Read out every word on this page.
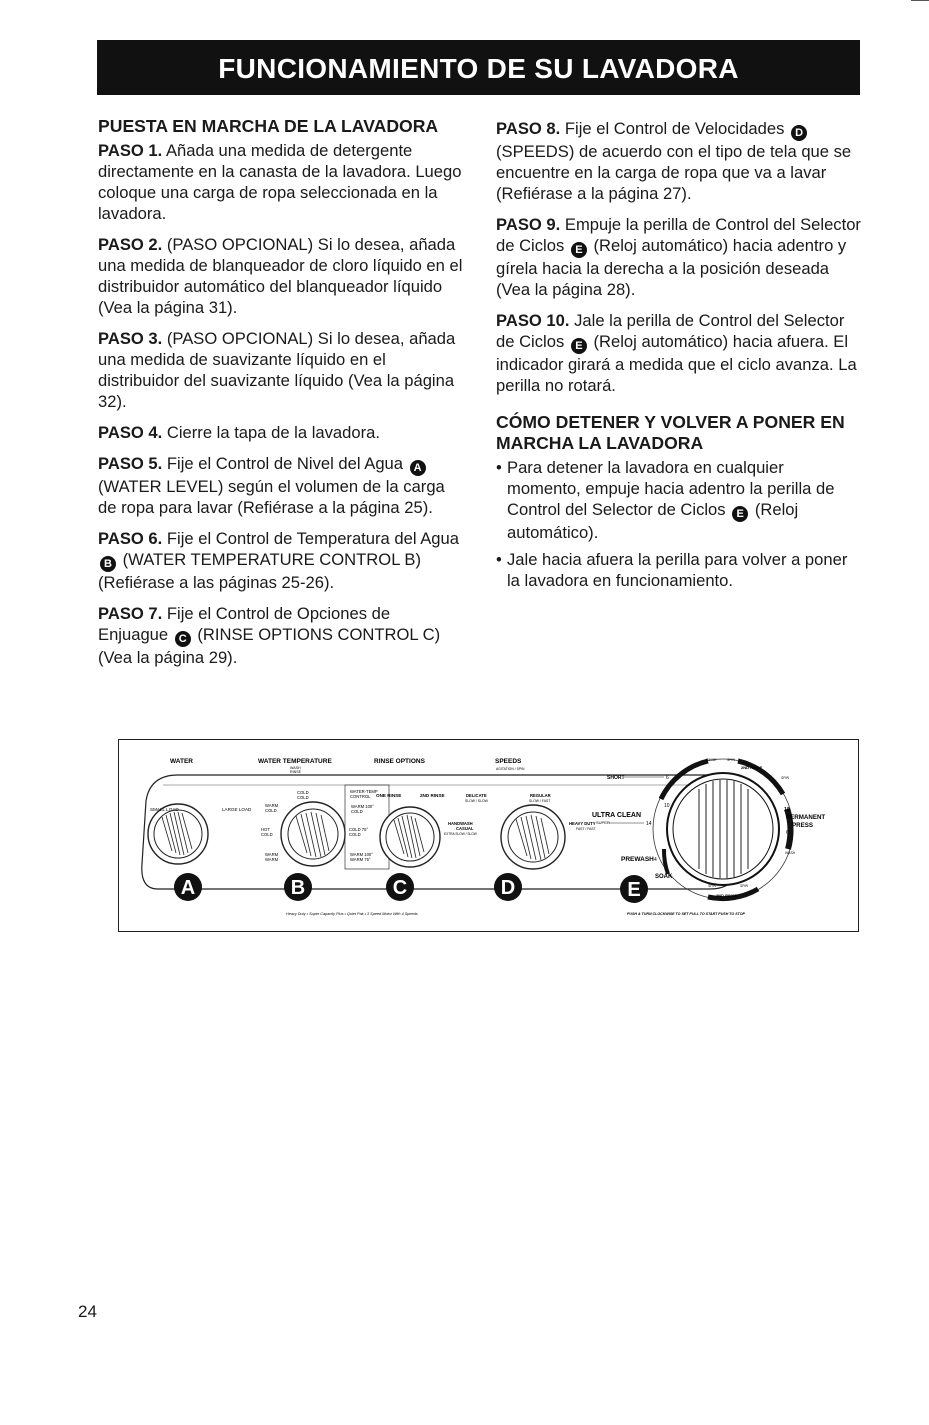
FUNCIONAMIENTO DE SU LAVADORA
PUESTA EN MARCHA DE LA LAVADORA

PASO 1. Añada una medida de detergente directamente en la canasta de la lavadora. Luego coloque una carga de ropa seleccionada en la lavadora.

PASO 2. (PASO OPCIONAL) Si lo desea, añada una medida de blanqueador de cloro líquido en el distribuidor automático del blanqueador líquido (Vea la página 31).

PASO 3. (PASO OPCIONAL) Si lo desea, añada una medida de suavizante líquido en el distribuidor del suavizante líquido (Vea la página 32).

PASO 4. Cierre la tapa de la lavadora.

PASO 5. Fije el Control de Nivel del Agua A (WATER LEVEL) según el volumen de la carga de ropa para lavar (Refiérase a la página 25).

PASO 6. Fije el Control de Temperatura del Agua B (WATER TEMPERATURE CONTROL B) (Refiérase a las páginas 25-26).

PASO 7. Fije el Control de Opciones de Enjuague C (RINSE OPTIONS CONTROL C) (Vea la página 29).

PASO 8. Fije el Control de Velocidades D (SPEEDS) de acuerdo con el tipo de tela que se encuentre en la carga de ropa que va a lavar (Refiérase a la página 27).

PASO 9. Empuje la perilla de Control del Selector de Ciclos E (Reloj automático) hacia adentro y gírela hacia la derecha a la posición deseada (Vea la página 28).

PASO 10. Jale la perilla de Control del Selector de Ciclos E (Reloj automático) hacia afuera. El indicador girará a medida que el ciclo avanza. La perilla no rotará.

CÓMO DETENER Y VOLVER A PONER EN MARCHA LA LAVADORA
• Para detener la lavadora en cualquier momento, empuje hacia adentro la perilla de Control del Selector de Ciclos E (Reloj automático).
• Jale hacia afuera la perilla para volver a poner la lavadora en funcionamiento.
WATER	WATER TEMPERATURE
WASH
RINSE
RINSE OPTIONS	SPEEDS
AGITATION / SPIN
SMALL LOAD	LARGE LOAD
COLD
COLD
WARM
COLD
HOT
COLD
WARM
WARM
WATER-TEMP
CONTROL
WARM 100°
COLD
COLD 75°
COLD
WARM 100°
WARM 75°
ONE RINSE	2ND RINSE	DELICATE
SLOW / SLOW
REGULAR
SLOW / FAST
HANDWASH
CASUAL
EXTRA SLOW / SLOW
HEAVY DUTY
FAST / FAST
A	B	C	D
Heavy Duty • Super Capacity Plus • Quiet Pak • 3 Speed Motor With 4 Speeds
SHORT	6
10
ULTRA CLEAN
SUPER	14
PREWASH 4
SOAK
RINSE	SPIN
2ND RINSE
SPIN
10
PERMANENT
PRESS
6
WASH
SPIN	SPIN
2ND RINSE
E
PUSH & TURN CLOCKWISE TO SET PULL TO START PUSH TO STOP
24
